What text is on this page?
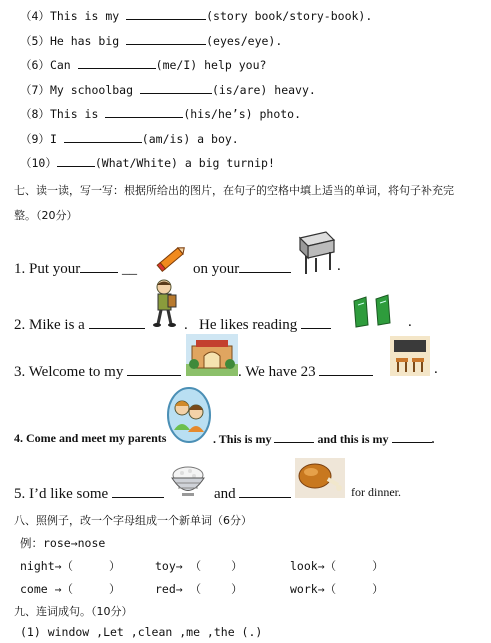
（4）This is my	(story book/story-book).
（5）He has big	(eyes/eye).
（6）Can	(me/I) help you?
（7）My schoolbag	(is/are) heavy.
（8）This is	(his/he’s) photo.
（9）I	(am/is) a boy.
（10）	(What/White) a big turnip!
七、读一读，写一写：根据所给出的图片，在句子的空格中填上适当的单词，将句子补充完
整。（20分）
1. Put your	__	on your	.
2. Mike is a	. He likes reading	.
3. Welcome to my	. We have 23	.
4. Come and meet my parents	. This is my	and this is my	.
5. I’d like some	and	for dinner.
八、照例子，改一个字母组成一个新单词（6分）
例：rose→nose
night→（	）	toy→ （	）	look→（	）
come →（	）	red→ （	）	work→（	）
九、连词成句。（10分）
(1) window ,Let ,clean ,me ,the (.)
